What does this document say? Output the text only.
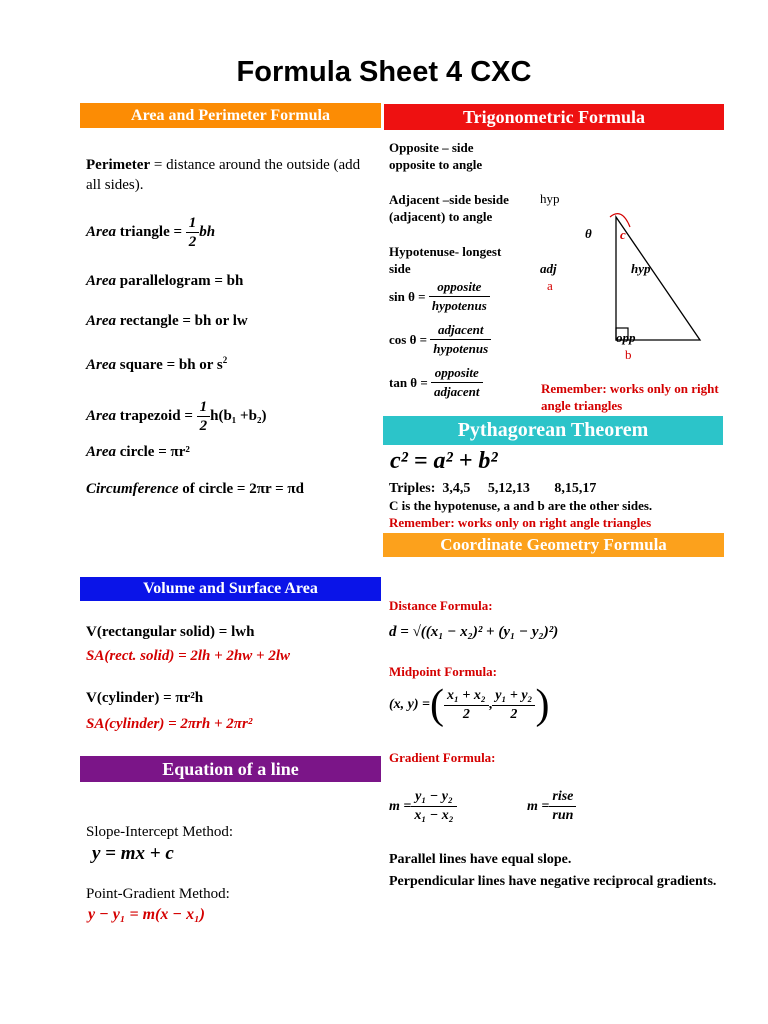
Formula Sheet 4 CXC
Area and Perimeter Formula
Perimeter = distance around the outside (add all sides).
Area
triangle =
$\frac{1}{2}$ bh
Area parallelogram = bh
Area rectangle = bh or lw
Area square = bh or $s^2$
Area
trapezoid =
$\frac{1}{2} h(b_1 +b_2)$
Area circle = πr²
Circumference of circle = 2πr = πd
Volume and Surface Area
V(rectangular solid) = lwh
SA(rect. solid) = 2lh + 2hw + 2lw
V(cylinder) = πr²h
SA(cylinder) = 2πrh + 2πr²
Equation of a line
Slope-Intercept Method:
y = mx + c
Point-Gradient Method:
y − y₁ = m(x − x₁)
Trigonometric Formula
Opposite – side opposite to angle
Adjacent –side beside (adjacent) to angle
Hypotenuse- longest side
sin θ =
$\frac{\text{opposite}}{\text{hypotenus}}$
cos θ =
$\frac{\text{adjacent}}{\text{hypotenus}}$
tan θ =
$\frac{\text{opposite}}{\text{adjacent}}$
hyp
θ c
adj	hyp
a
opp
b
Remember: works only on right angle triangles
Pythagorean Theorem
c² = a² + b²
Triples:  3,4,5     5,12,13       8,15,17
C is the hypotenuse, a and b are the other sides.
Remember: works only on right angle triangles
Coordinate Geometry Formula
Distance Formula:
d = √((x₁ − x₂)² + (y₁ − y₂)²)
Midpoint Formula:
(x, y) = ( $\frac{\text{x₁ + x₂}}{2}$ , $\frac{\text{y₁ + y₂}}{2}$ )
Gradient Formula:
$m = \frac{\text{y₁ − y₂}}{\text{x₁ − x₂}}$	$m = \frac{\text{rise}}{\text{run}}$
Parallel lines have equal slope.
Perpendicular lines have negative reciprocal gradients.
